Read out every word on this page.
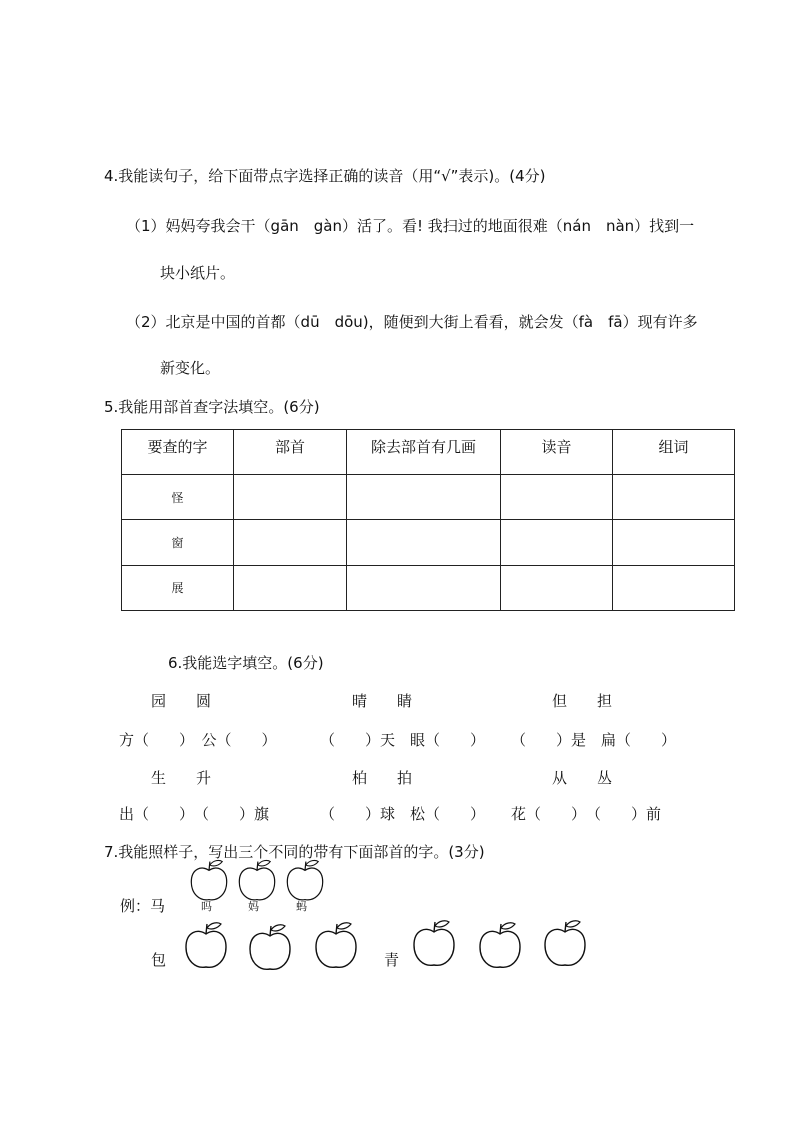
4.我能读句子，给下面带点字选择正确的读音（用“√”表示)。(4分)
（1）妈妈夸我会干（gān　gàn）活了。看! 我扫过的地面很难（nán　nàn）找到一
块小纸片。
（2）北京是中国的首都（dū　dōu)，随便到大街上看看，就会发（fà　fā）现有许多
新变化。
5.我能用部首查字法填空。(6分)
要查的字	部首	除去部首有几画	读音	组词
怪				
窗				
展				
6.我能选字填空。(6分)
园　　圆	晴　　睛	但　　担
方（　　）　公（　　）	（　　）天　眼（　　） （　　）是　扁（　　）
生　　升	柏　　拍	从　　丛
出（　　）　（　　）旗	（　　）球　松（　　） 花（　　）　（　　）前
7.我能照样子，写出三个不同的带有下面部首的字。(3分)
例：马	吗	妈	蚂
包	青
